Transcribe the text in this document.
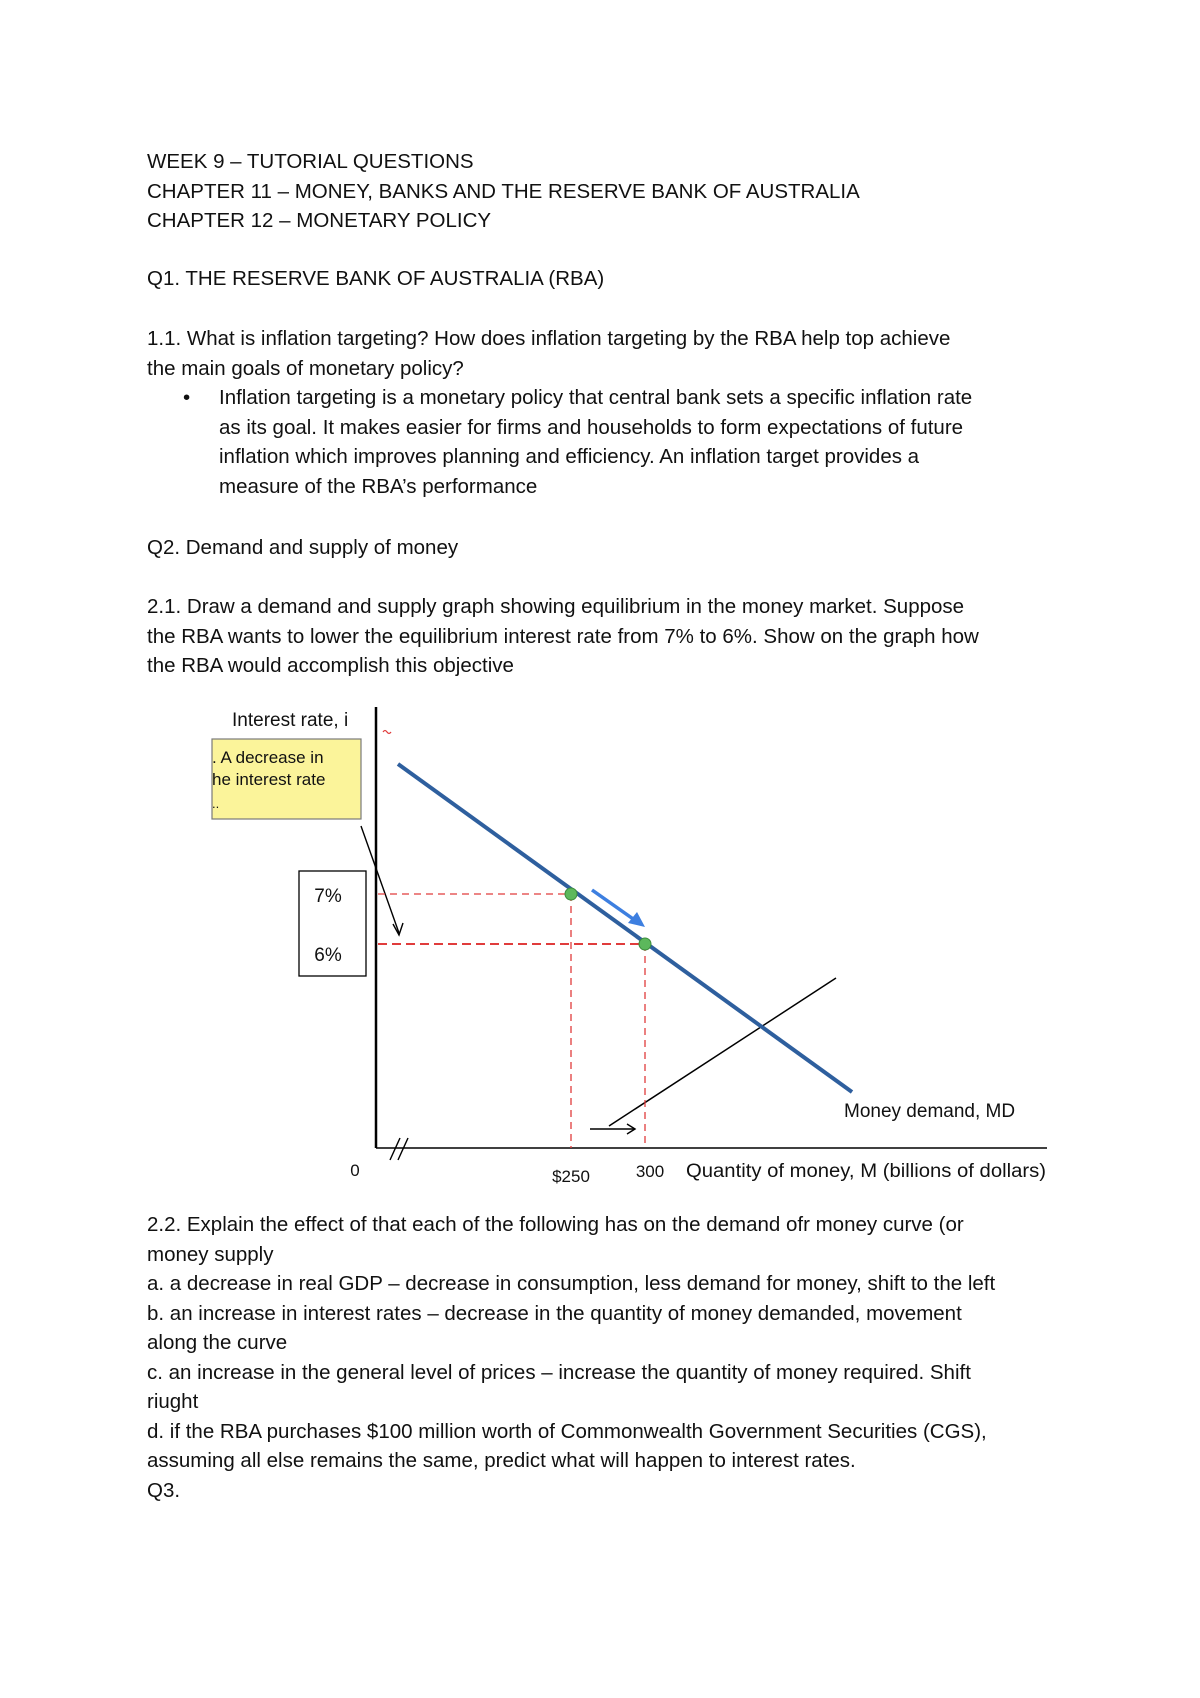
WEEK 9 – TUTORIAL QUESTIONS
CHAPTER 11 – MONEY, BANKS AND THE RESERVE BANK OF AUSTRALIA
CHAPTER 12 – MONETARY POLICY
Q1. THE RESERVE BANK OF AUSTRALIA (RBA)
1.1. What is inflation targeting? How does inflation targeting by the RBA help top achieve
the main goals of monetary policy?
• Inflation targeting is a monetary policy that central bank sets a specific inflation rate
as its goal. It makes easier for firms and households to form expectations of future
inflation which improves planning and efficiency. An inflation target provides a
measure of the RBA’s performance
Q2. Demand and supply of money
2.1. Draw a demand and supply graph showing equilibrium in the money market. Suppose
the RBA wants to lower the equilibrium interest rate from 7% to 6%. Show on the graph how
the RBA would accomplish this objective
Interest rate, i
. A decrease in
he interest rate
..
7%
6%
Money demand, MD
0	$250	300 Quantity of money, M (billions of dollars)
2.2. Explain the effect of that each of the following has on the demand ofr money curve (or
money supply
a. a decrease in real GDP – decrease in consumption, less demand for money, shift to the left
b. an increase in interest rates – decrease in the quantity of money demanded, movement
along the curve
c. an increase in the general level of prices – increase the quantity of money required. Shift
riught
d. if the RBA purchases $100 million worth of Commonwealth Government Securities (CGS),
assuming all else remains the same, predict what will happen to interest rates.
Q3.
